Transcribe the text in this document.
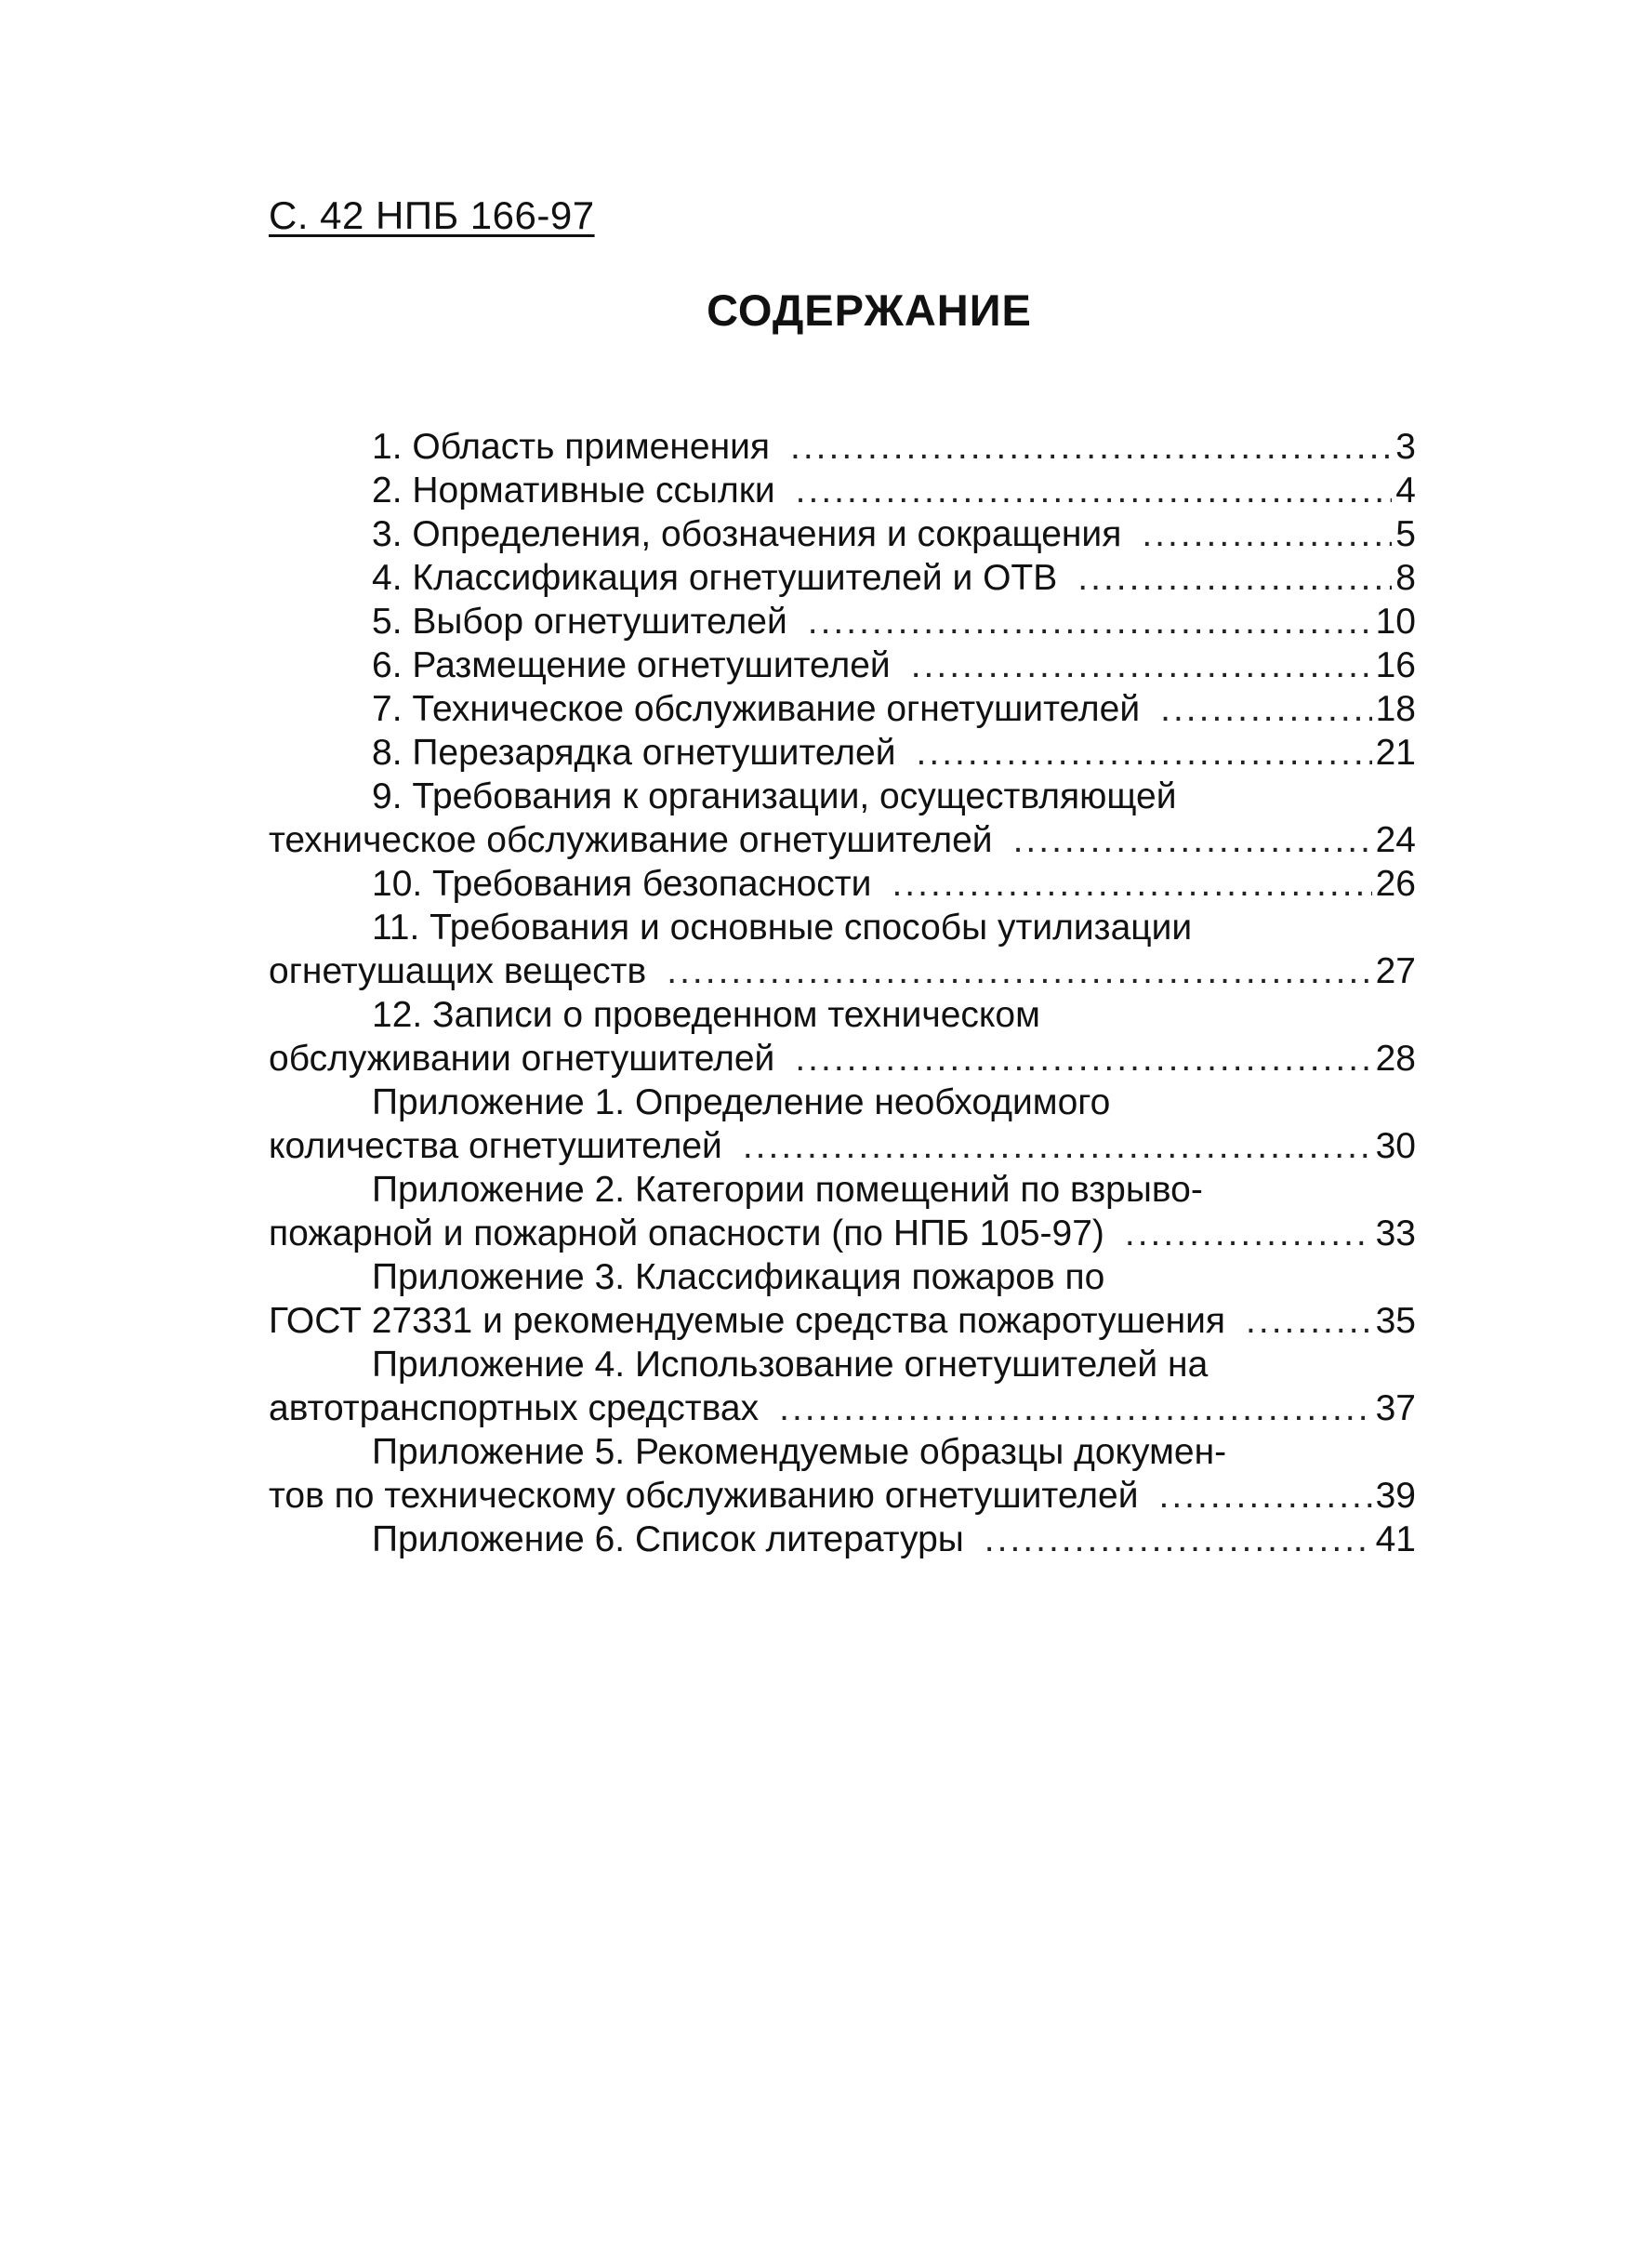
С. 42 НПБ 166-97
СОДЕРЖАНИЕ
1. Область применения .....	3
2. Нормативные ссылки .....	4
3. Определения, обозначения и сокращения .....	5
4. Классификация огнетушителей и ОТВ .....	8
5. Выбор огнетушителей .....	10
6. Размещение огнетушителей .....	16
7. Техническое обслуживание огнетушителей .....	18
8. Перезарядка огнетушителей .....	21
9. Требования к организации, осуществляющей
техническое обслуживание огнетушителей .....	24
10. Требования безопасности .....	26
11. Требования и основные способы утилизации
огнетушащих веществ .....	27
12. Записи о проведенном техническом
обслуживании огнетушителей .....	28
Приложение 1. Определение необходимого
количества огнетушителей .....	30
Приложение 2. Категории помещений по взрыво-
пожарной и пожарной опасности (по НПБ 105-97) .....	33
Приложение 3. Классификация пожаров по
ГОСТ 27331 и рекомендуемые средства пожаротушения .....	35
Приложение 4. Использование огнетушителей на
автотранспортных средствах .....	37
Приложение 5. Рекомендуемые образцы докумен-
тов по техническому обслуживанию огнетушителей .....	39
Приложение 6. Список литературы .....	41
